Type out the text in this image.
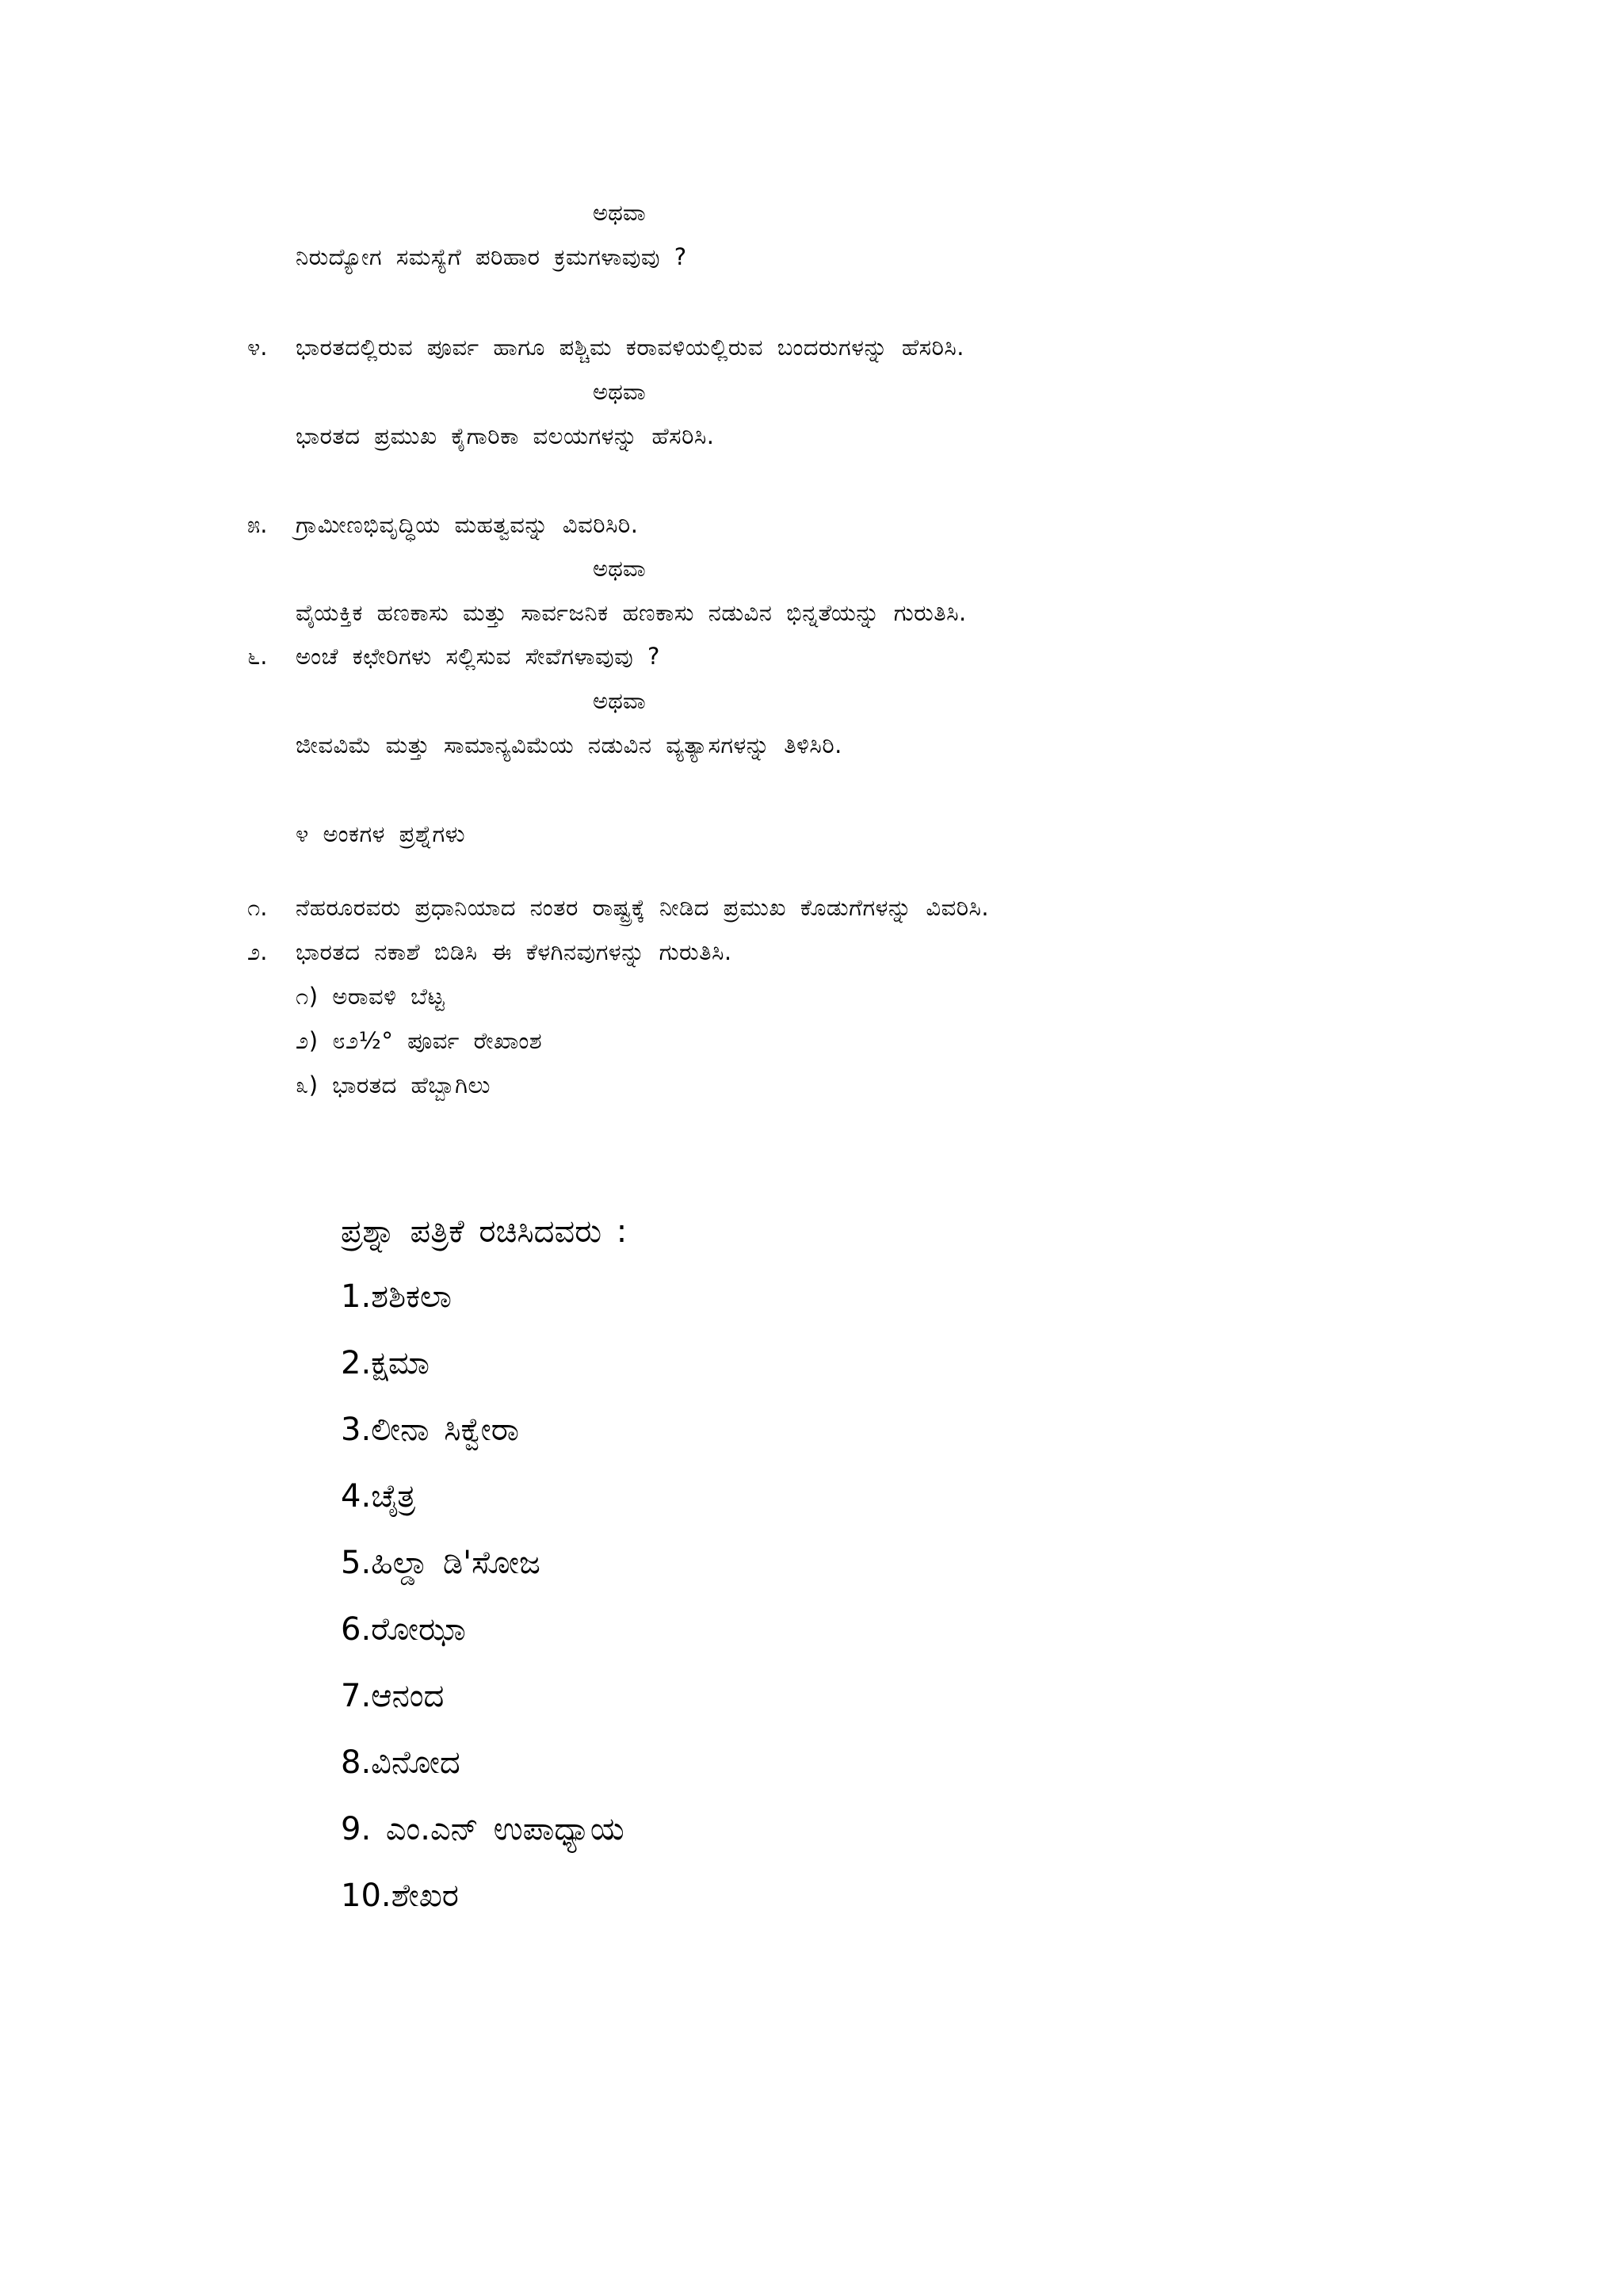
ಅಥವಾ
ನಿರುದ್ಯೋಗ ಸಮಸ್ಯೆಗೆ ಪರಿಹಾರ ಕ್ರಮಗಳಾವುವು ?
೪. ಭಾರತದಲ್ಲಿರುವ ಪೂರ್ವ ಹಾಗೂ ಪಶ್ಚಿಮ ಕರಾವಳಿಯಲ್ಲಿರುವ ಬಂದರುಗಳನ್ನು ಹೆಸರಿಸಿ.
ಅಥವಾ
ಭಾರತದ ಪ್ರಮುಖ ಕೈಗಾರಿಕಾ ವಲಯಗಳನ್ನು ಹೆಸರಿಸಿ.
೫. ಗ್ರಾಮೀಣಭಿವೃದ್ಧಿಯ ಮಹತ್ವವನ್ನು ವಿವರಿಸಿರಿ.
ಅಥವಾ
ವೈಯಕ್ತಿಕ ಹಣಕಾಸು ಮತ್ತು ಸಾರ್ವಜನಿಕ ಹಣಕಾಸು ನಡುವಿನ ಭಿನ್ನತೆಯನ್ನು ಗುರುತಿಸಿ.
೬. ಅಂಚೆ ಕಛೇರಿಗಳು ಸಲ್ಲಿಸುವ ಸೇವೆಗಳಾವುವು ?
ಅಥವಾ
ಜೀವವಿಮೆ ಮತ್ತು ಸಾಮಾನ್ಯವಿಮೆಯ ನಡುವಿನ ವ್ಯತ್ಯಾಸಗಳನ್ನು ತಿಳಿಸಿರಿ.
೪ ಅಂಕಗಳ ಪ್ರಶ್ನೆಗಳು
೧. ನೆಹರೂರವರು ಪ್ರಧಾನಿಯಾದ ನಂತರ ರಾಷ್ಟ್ರಕ್ಕೆ ನೀಡಿದ ಪ್ರಮುಖ ಕೊಡುಗೆಗಳನ್ನು ವಿವರಿಸಿ.
೨. ಭಾರತದ ನಕಾಶೆ ಬಿಡಿಸಿ ಈ ಕೆಳಗಿನವುಗಳನ್ನು ಗುರುತಿಸಿ.
೧) ಅರಾವಳಿ ಬೆಟ್ಟ
೨) ೮೨½° ಪೂರ್ವ ರೇಖಾಂಶ
೩) ಭಾರತದ ಹೆಬ್ಬಾಗಿಲು
ಪ್ರಶ್ನಾ ಪತ್ರಿಕೆ ರಚಿಸಿದವರು :
1.ಶಶಿಕಲಾ
2.ಕ್ಷಮಾ
3.ಲೀನಾ ಸಿಕ್ವೇರಾ
4.ಚೈತ್ರ
5.ಹಿಲ್ಡಾ ಡಿ'ಸೋಜ
6.ರೋಝಾ
7.ಆನಂದ
8.ವಿನೋದ
9. ಎಂ.ಎನ್ ಉಪಾಧ್ಯಾಯ
10.ಶೇಖರ
